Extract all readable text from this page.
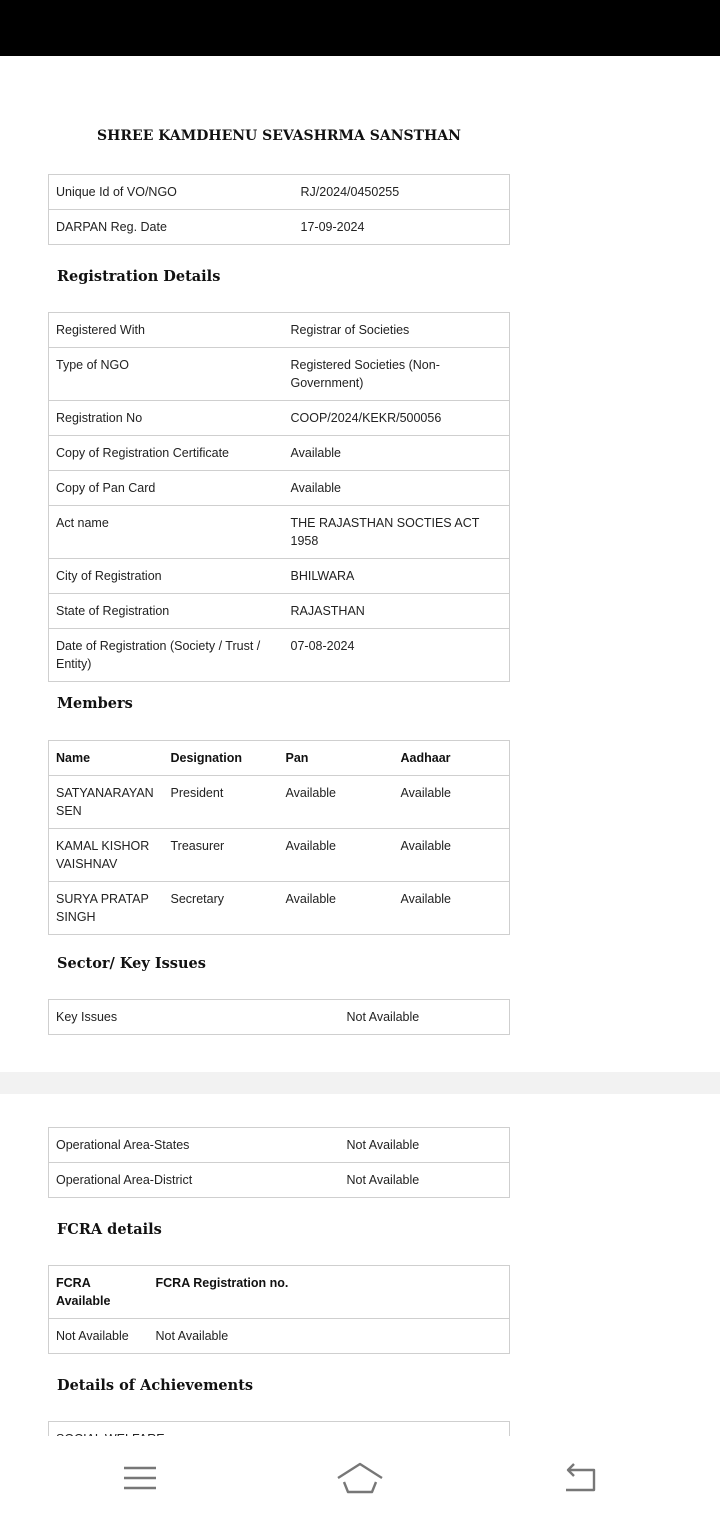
SHREE KAMDHENU SEVASHRMA SANSTHAN
Unique Id of VO/NGO	RJ/2024/0450255
DARPAN Reg. Date	17-09-2024
Registration Details
Registered With	Registrar of Societies
Type of NGO	Registered Societies (Non-Government)
Registration No	COOP/2024/KEKR/500056
Copy of Registration Certificate	Available
Copy of Pan Card	Available
Act name	THE RAJASTHAN SOCTIES ACT 1958
City of Registration	BHILWARA
State of Registration	RAJASTHAN
Date of Registration (Society / Trust / Entity)	07-08-2024
Members
Name	Designation	Pan	Aadhaar
SATYANARAYAN SEN	President	Available	Available
KAMAL KISHOR VAISHNAV	Treasurer	Available	Available
SURYA PRATAP SINGH	Secretary	Available	Available
Sector/ Key Issues
Key Issues	Not Available
Operational Area-States	Not Available
Operational Area-District	Not Available
FCRA details
FCRA Available	FCRA Registration no.
Not Available	Not Available
Details of Achievements
